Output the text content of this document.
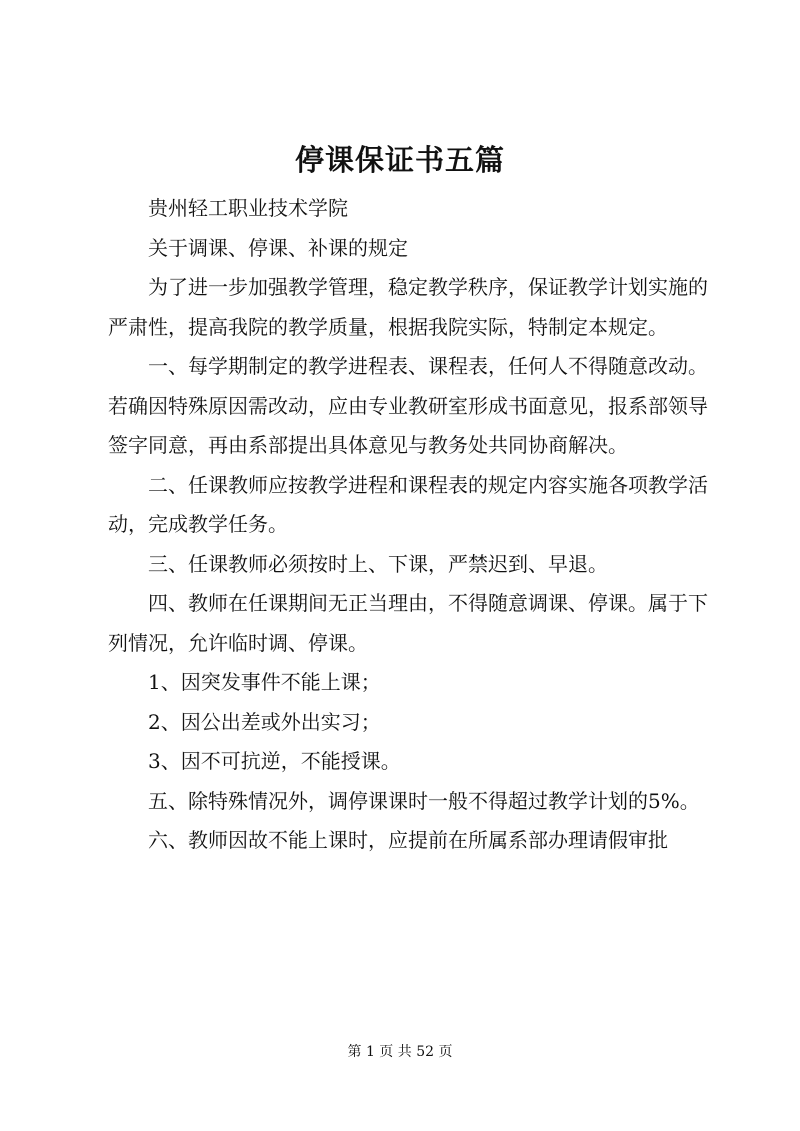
停课保证书五篇

贵州轻工职业技术学院

关于调课、停课、补课的规定

为了进一步加强教学管理，稳定教学秩序，保证教学计划实施的严肃性，提高我院的教学质量，根据我院实际，特制定本规定。

一、每学期制定的教学进程表、课程表，任何人不得随意改动。若确因特殊原因需改动，应由专业教研室形成书面意见，报系部领导签字同意，再由系部提出具体意见与教务处共同协商解决。

二、任课教师应按教学进程和课程表的规定内容实施各项教学活动，完成教学任务。

三、任课教师必须按时上、下课，严禁迟到、早退。

四、教师在任课期间无正当理由，不得随意调课、停课。属于下列情况，允许临时调、停课。

1、因突发事件不能上课；

2、因公出差或外出实习；

3、因不可抗逆，不能授课。

五、除特殊情况外，调停课课时一般不得超过教学计划的5%。

六、教师因故不能上课时，应提前在所属系部办理请假审批

第 1 页 共 52 页
